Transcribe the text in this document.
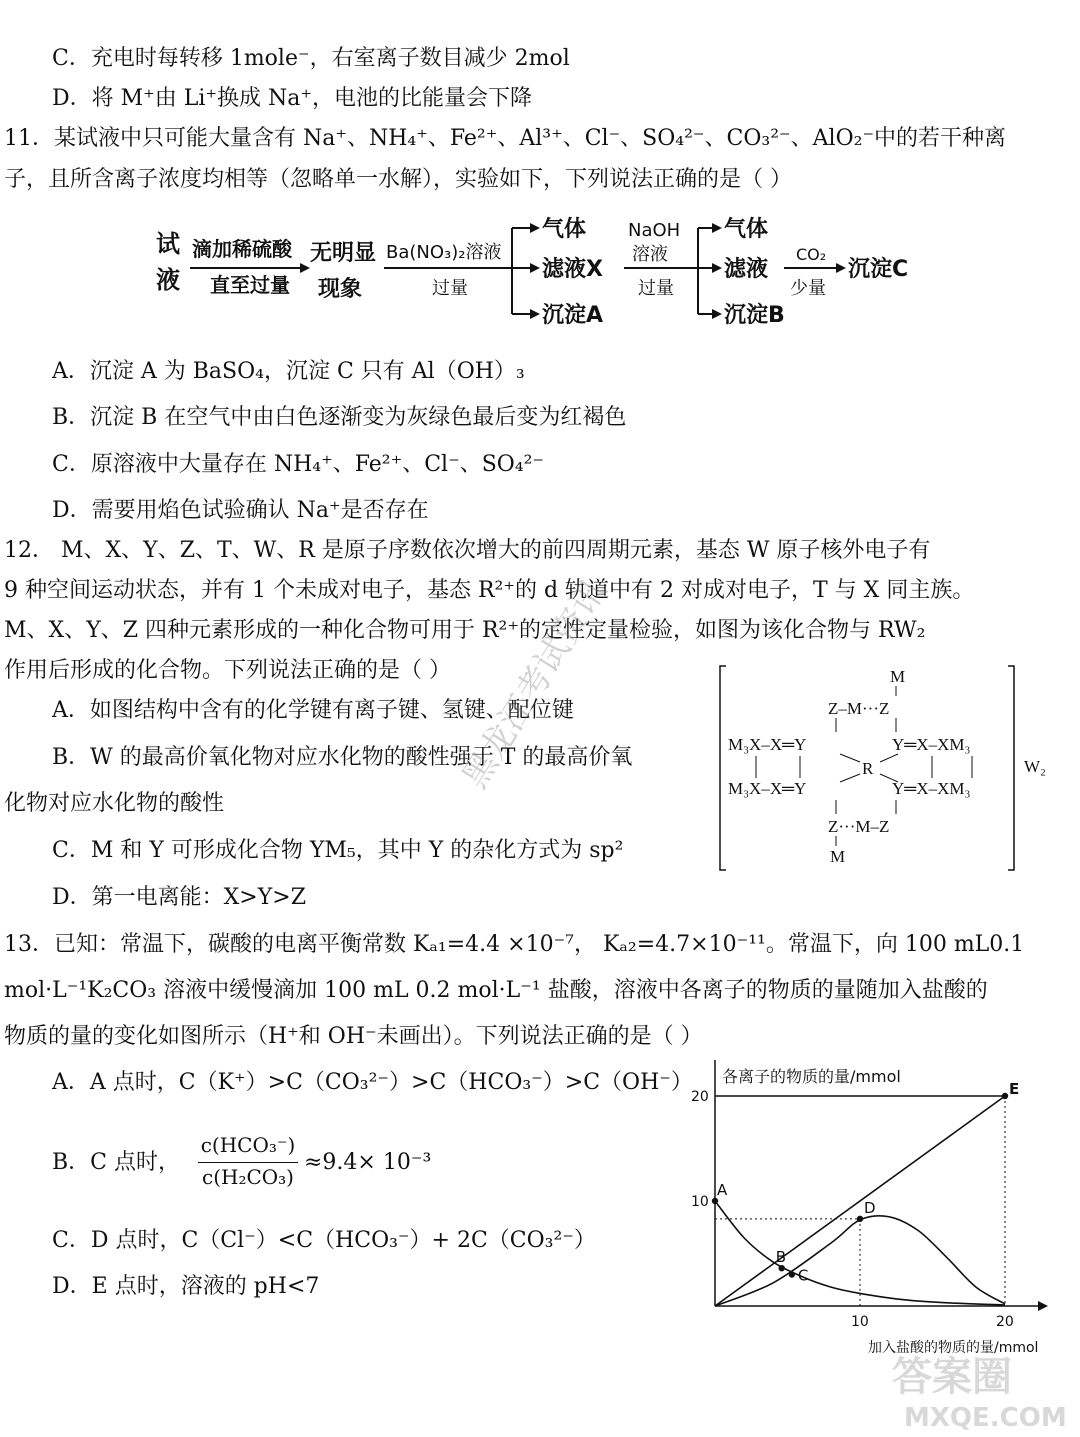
C．充电时每转移 1mole⁻，右室离子数目减少 2mol
D．将 M⁺由 Li⁺换成 Na⁺，电池的比能量会下降
11．某试液中只可能大量含有 Na⁺、NH₄⁺、Fe²⁺、Al³⁺、Cl⁻、SO₄²⁻、CO₃²⁻、AlO₂⁻中的若干种离
子，且所含离子浓度均相等（忽略单一水解），实验如下，下列说法正确的是（ ）
试
液
滴加稀硫酸
直至过量
无明显
现象
Ba(NO₃)₂溶液
过量
气体
滤液X
沉淀A
NaOH
溶液
过量
气体
滤液
沉淀B
CO₂
少量
沉淀C
A．沉淀 A 为 BaSO₄，沉淀 C 只有 Al（OH）₃
B．沉淀 B 在空气中由白色逐渐变为灰绿色最后变为红褐色
C．原溶液中大量存在 NH₄⁺、Fe²⁺、Cl⁻、SO₄²⁻
D．需要用焰色试验确认 Na⁺是否存在
12． M、X、Y、Z、T、W、R 是原子序数依次增大的前四周期元素，基态 W 原子核外电子有
9 种空间运动状态，并有 1 个未成对电子，基态 R²⁺的 d 轨道中有 2 对成对电子，T 与 X 同主族。
M、X、Y、Z 四种元素形成的一种化合物可用于 R²⁺的定性定量检验，如图为该化合物与 RW₂
作用后形成的化合物。下列说法正确的是（ ）
A．如图结构中含有的化学键有离子键、氢键、配位键
B．W 的最高价氧化物对应水化物的酸性强于 T 的最高价氧
化物对应水化物的酸性
C．M 和 Y 可形成化合物 YM₅，其中 Y 的杂化方式为 sp²
D．第一电离能：X>Y>Z
W₂
M
Z–M···Z
M₃X–X═Y	Y═X–XM₃
R
M₃X–X═Y	Y═X–XM₃
Z···M–Z
M
13．已知：常温下，碳酸的电离平衡常数 Kₐ₁=4.4 ×10⁻⁷， Kₐ₂=4.7×10⁻¹¹。常温下，向 100 mL0.1
mol·L⁻¹K₂CO₃ 溶液中缓慢滴加 100 mL 0.2 mol·L⁻¹ 盐酸，溶液中各离子的物质的量随加入盐酸的
物质的量的变化如图所示（H⁺和 OH⁻未画出）。下列说法正确的是（ ）
A．A 点时，C（K⁺）>C（CO₃²⁻）>C（HCO₃⁻）>C（OH⁻）
B．C 点时，
c(HCO₃⁻)
c(H₂CO₃)
≈9.4× 10⁻³
C．D 点时，C（Cl⁻）<C（HCO₃⁻）+ 2C（CO₃²⁻）
D．E 点时，溶液的 pH<7
各离子的物质的量/mmol
加入盐酸的物质的量/mmol
10	20
10
20
A
B
C
D
E
黑龙江考试资讯
答案圈
MXQE.COM
